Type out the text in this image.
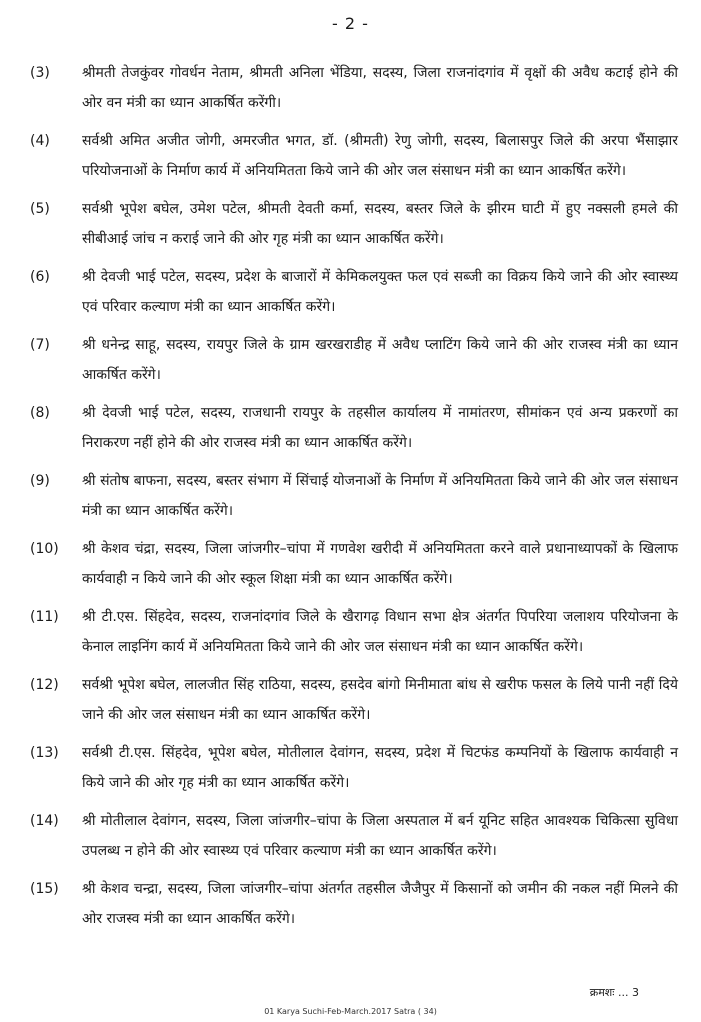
- 2 -
(3) श्रीमती तेजकुंवर गोवर्धन नेताम, श्रीमती अनिला भेंडिया, सदस्य, जिला राजनांदगांव में वृक्षों की अवैध कटाई होने की ओर वन मंत्री का ध्यान आकर्षित करेंगी।
(4) सर्वश्री अमित अजीत जोगी, अमरजीत भगत, डॉ. (श्रीमती) रेणु जोगी, सदस्य, बिलासपुर जिले की अरपा भैंसाझार परियोजनाओं के निर्माण कार्य में अनियमितता किये जाने की ओर जल संसाधन मंत्री का ध्यान आकर्षित करेंगे।
(5) सर्वश्री भूपेश बघेल, उमेश पटेल, श्रीमती देवती कर्मा, सदस्य, बस्तर जिले के झीरम घाटी में हुए नक्सली हमले की सीबीआई जांच न कराई जाने की ओर गृह मंत्री का ध्यान आकर्षित करेंगे।
(6) श्री देवजी भाई पटेल, सदस्य, प्रदेश के बाजारों में केमिकलयुक्त फल एवं सब्जी का विक्रय किये जाने की ओर स्वास्थ्य एवं परिवार कल्याण मंत्री का ध्यान आकर्षित करेंगे।
(7) श्री धनेन्द्र साहू, सदस्य, रायपुर जिले के ग्राम खरखराडीह में अवैध प्लाटिंग किये जाने की ओर राजस्व मंत्री का ध्यान आकर्षित करेंगे।
(8) श्री देवजी भाई पटेल, सदस्य, राजधानी रायपुर के तहसील कार्यालय में नामांतरण, सीमांकन एवं अन्य प्रकरणों का निराकरण नहीं होने की ओर राजस्व मंत्री का ध्यान आकर्षित करेंगे।
(9) श्री संतोष बाफना, सदस्य, बस्तर संभाग में सिंचाई योजनाओं के निर्माण में अनियमितता किये जाने की ओर जल संसाधन मंत्री का ध्यान आकर्षित करेंगे।
(10) श्री केशव चंद्रा, सदस्य, जिला जांजगीर–चांपा में गणवेश खरीदी में अनियमितता करने वाले प्रधानाध्यापकों के खिलाफ कार्यवाही न किये जाने की ओर स्कूल शिक्षा मंत्री का ध्यान आकर्षित करेंगे।
(11) श्री टी.एस. सिंहदेव, सदस्य, राजनांदगांव जिले के खैरागढ़ विधान सभा क्षेत्र अंतर्गत पिपरिया जलाशय परियोजना के केनाल लाइनिंग कार्य में अनियमितता किये जाने की ओर जल संसाधन मंत्री का ध्यान आकर्षित करेंगे।
(12) सर्वश्री भूपेश बघेल, लालजीत सिंह राठिया, सदस्य, हसदेव बांगो मिनीमाता बांध से खरीफ फसल के लिये पानी नहीं दिये जाने की ओर जल संसाधन मंत्री का ध्यान आकर्षित करेंगे।
(13) सर्वश्री टी.एस. सिंहदेव, भूपेश बघेल, मोतीलाल देवांगन, सदस्य, प्रदेश में चिटफंड कम्पनियों के खिलाफ कार्यवाही न किये जाने की ओर गृह मंत्री का ध्यान आकर्षित करेंगे।
(14) श्री मोतीलाल देवांगन, सदस्य, जिला जांजगीर–चांपा के जिला अस्पताल में बर्न यूनिट सहित आवश्यक चिकित्सा सुविधा उपलब्ध न होने की ओर स्वास्थ्य एवं परिवार कल्याण मंत्री का ध्यान आकर्षित करेंगे।
(15) श्री केशव चन्द्रा, सदस्य, जिला जांजगीर–चांपा अंतर्गत तहसील जैजैपुर में किसानों को जमीन की नकल नहीं मिलने की ओर राजस्व मंत्री का ध्यान आकर्षित करेंगे।
क्रमशः ... 3
01 Karya Suchi-Feb-March.2017 Satra ( 34)
